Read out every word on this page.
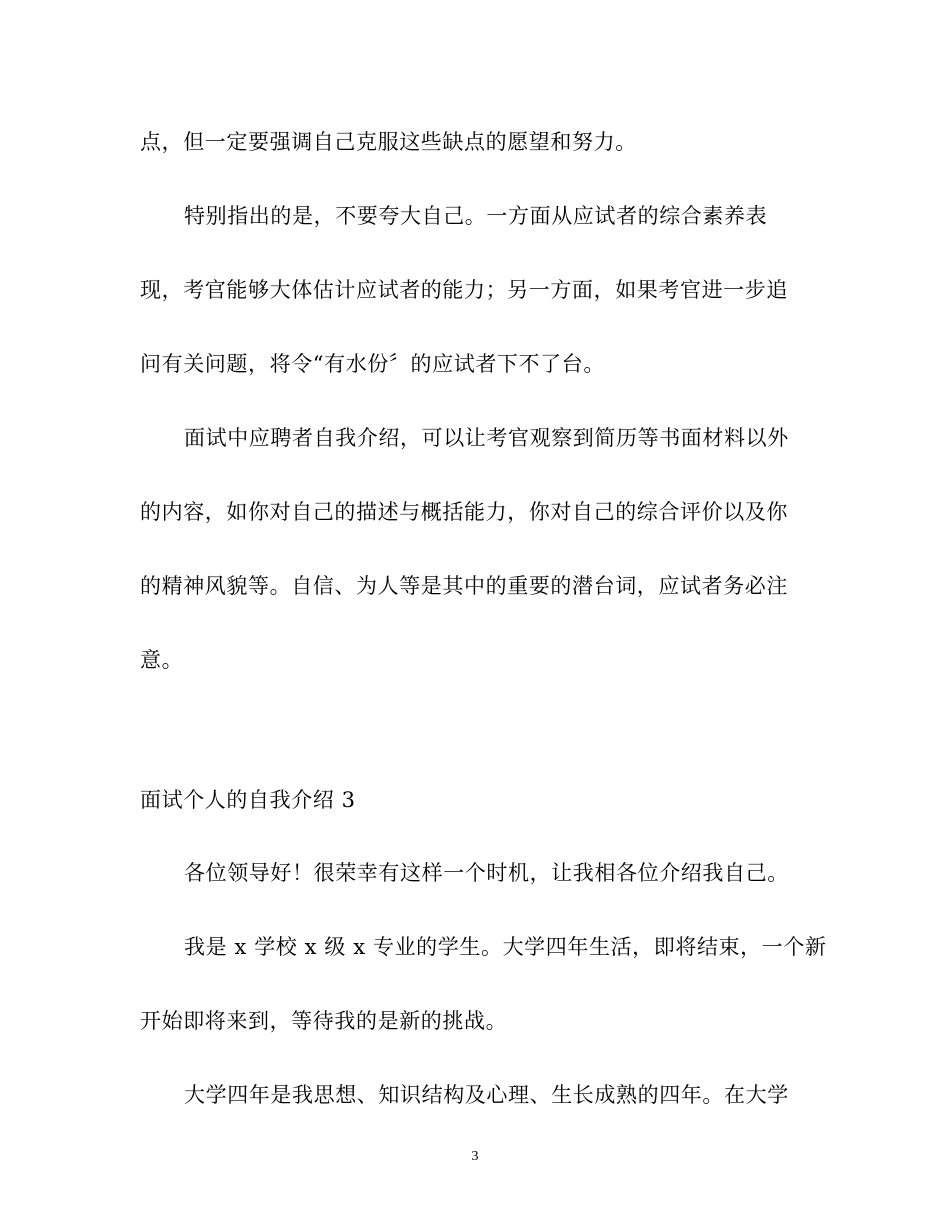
点，但一定要强调自己克服这些缺点的愿望和努力。
特别指出的是，不要夸大自己。一方面从应试者的综合素养表
现，考官能够大体估计应试者的能力；另一方面，如果考官进一步追
问有关问题，将令“有水份〞的应试者下不了台。
面试中应聘者自我介绍，可以让考官观察到简历等书面材料以外
的内容，如你对自己的描述与概括能力，你对自己的综合评价以及你
的精神风貌等。自信、为人等是其中的重要的潜台词，应试者务必注
意。
面试个人的自我介绍 3
各位领导好！很荣幸有这样一个时机，让我相各位介绍我自己。
我是 x 学校 x 级 x 专业的学生。大学四年生活，即将结束，一个新
开始即将来到，等待我的是新的挑战。
大学四年是我思想、知识结构及心理、生长成熟的四年。在大学
3
